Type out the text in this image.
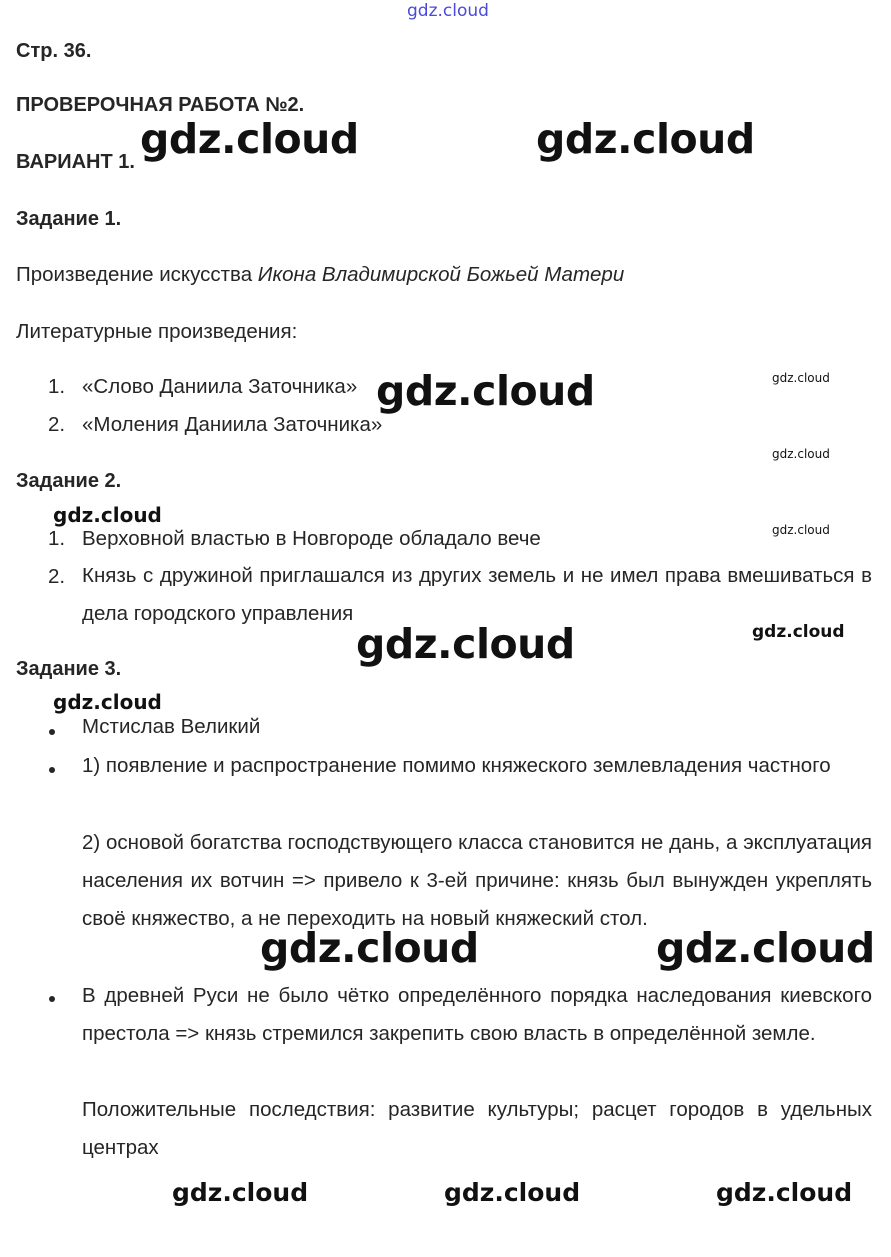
gdz.cloud
Стр. 36.
ПРОВЕРОЧНАЯ РАБОТА №2.
ВАРИАНТ 1.
Задание 1.
Произведение искусства Икона Владимирской Божьей Матери
Литературные произведения:
1. «Слово Даниила Заточника»
2. «Моления Даниила Заточника»
Задание 2.
1. Верховной властью в Новгороде обладало вече
2. Князь с дружиной приглашался из других земель и не имел права вмешиваться в дела городского управления
Задание 3.
Мстислав Великий
1) появление и распространение помимо княжеского землевладения частного
2) основой богатства господствующего класса становится не дань, а эксплуатация населения их вотчин => привело к 3-ей причине: князь был вынужден укреплять своё княжество, а не переходить на новый княжеский стол.
В древней Руси не было чётко определённого порядка наследования киевского престола => князь стремился закрепить свою власть в определённой земле.
Положительные последствия: развитие культуры; расцет городов в удельных центрах
gdz.cloud	gdz.cloud
gdz.cloud
gdz.cloud
gdz.cloud	gdz.cloud
gdz.cloud
gdz.cloud
gdz.cloud
gdz.cloud	gdz.cloud	gdz.cloud
gdz.cloud
gdz.cloud
gdz.cloud
